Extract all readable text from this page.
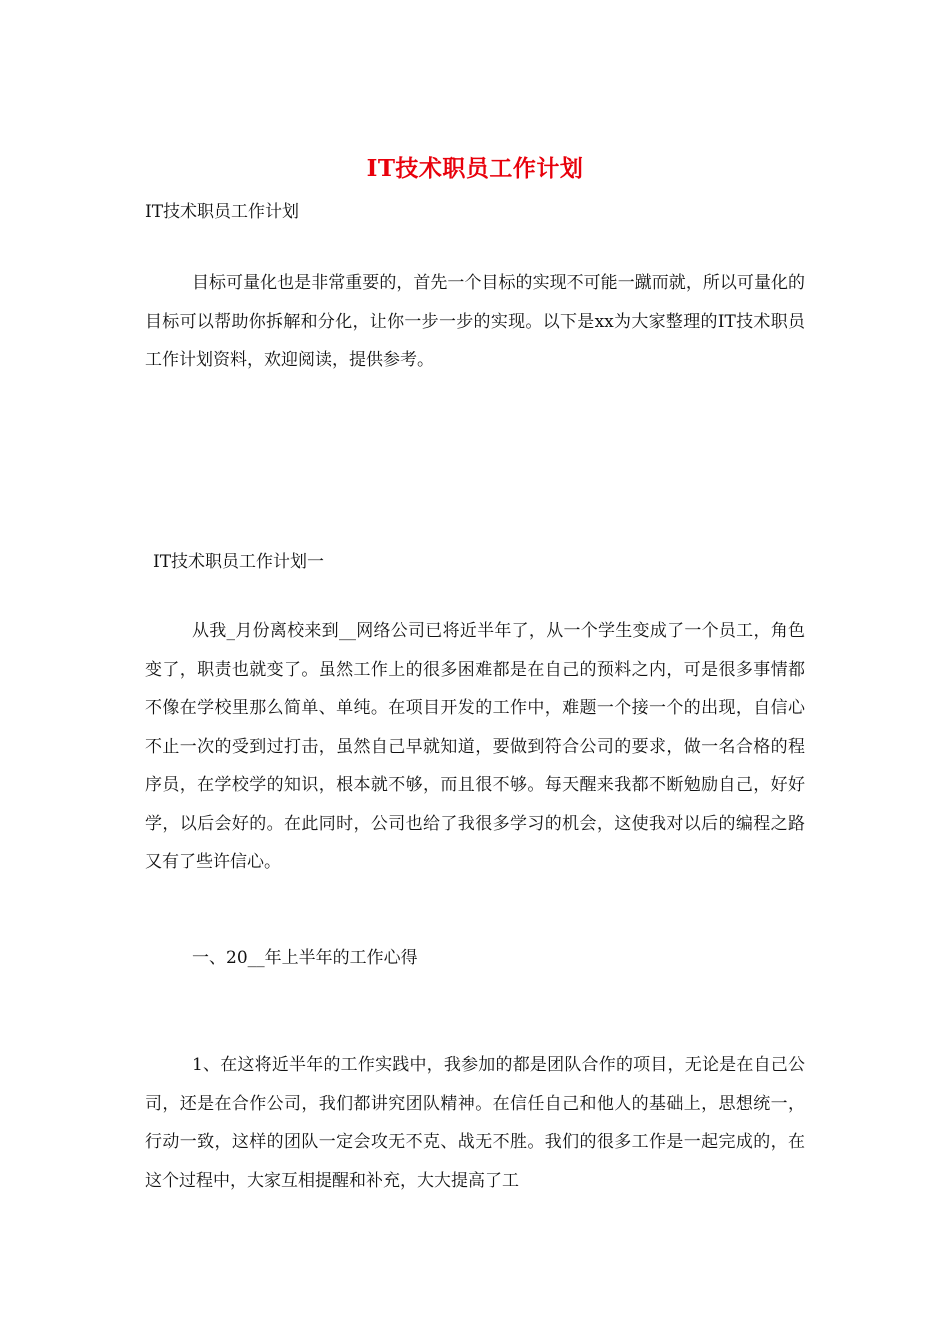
IT技术职员工作计划
IT技术职员工作计划
目标可量化也是非常重要的，首先一个目标的实现不可能一蹴而就，所以可量化的目标可以帮助你拆解和分化，让你一步一步的实现。以下是xx为大家整理的IT技术职员工作计划资料，欢迎阅读，提供参考。
IT技术职员工作计划一
从我_月份离校来到__网络公司已将近半年了，从一个学生变成了一个员工，角色变了，职责也就变了。虽然工作上的很多困难都是在自己的预料之内，可是很多事情都不像在学校里那么简单、单纯。在项目开发的工作中，难题一个接一个的出现，自信心不止一次的受到过打击，虽然自己早就知道，要做到符合公司的要求，做一名合格的程序员，在学校学的知识，根本就不够，而且很不够。每天醒来我都不断勉励自己，好好学，以后会好的。在此同时，公司也给了我很多学习的机会，这使我对以后的编程之路又有了些许信心。
一、20__年上半年的工作心得
1、在这将近半年的工作实践中，我参加的都是团队合作的项目，无论是在自己公司，还是在合作公司，我们都讲究团队精神。在信任自己和他人的基础上，思想统一，行动一致，这样的团队一定会攻无不克、战无不胜。我们的很多工作是一起完成的，在这个过程中，大家互相提醒和补充，大大提高了工
